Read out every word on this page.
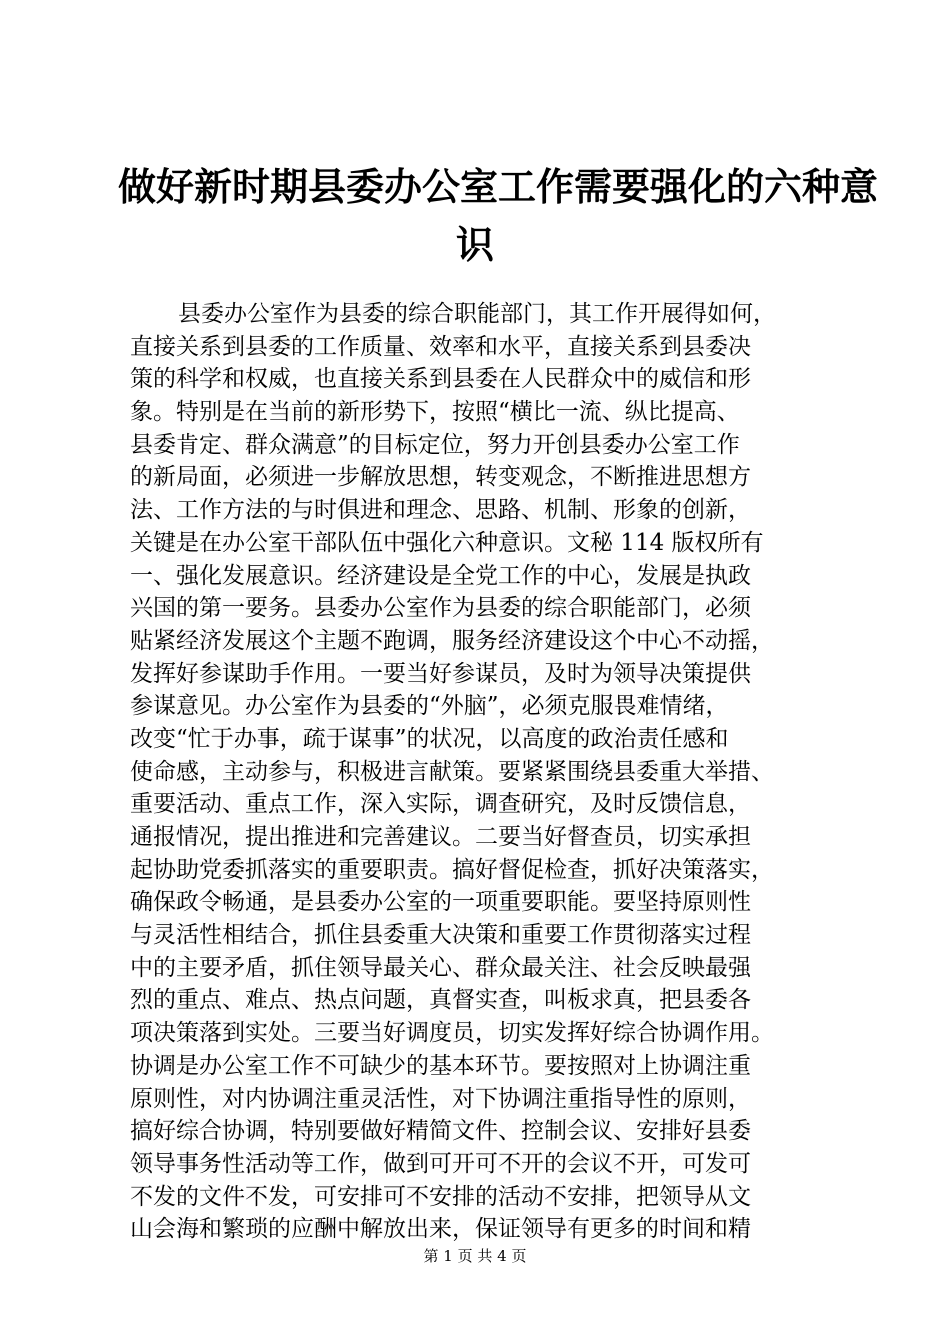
做好新时期县委办公室工作需要强化的六种意
识
县委办公室作为县委的综合职能部门，其工作开展得如何，
直接关系到县委的工作质量、效率和水平，直接关系到县委决
策的科学和权威，也直接关系到县委在人民群众中的威信和形
象。特别是在当前的新形势下，按照“横比一流、纵比提高、
县委肯定、群众满意”的目标定位，努力开创县委办公室工作
的新局面，必须进一步解放思想，转变观念，不断推进思想方
法、工作方法的与时俱进和理念、思路、机制、形象的创新，
关键是在办公室干部队伍中强化六种意识。文秘 114 版权所有
一、强化发展意识。经济建设是全党工作的中心，发展是执政
兴国的第一要务。县委办公室作为县委的综合职能部门，必须
贴紧经济发展这个主题不跑调，服务经济建设这个中心不动摇，
发挥好参谋助手作用。一要当好参谋员，及时为领导决策提供
参谋意见。办公室作为县委的“外脑”，必须克服畏难情绪，
改变“忙于办事，疏于谋事”的状况，以高度的政治责任感和
使命感，主动参与，积极进言献策。要紧紧围绕县委重大举措、
重要活动、重点工作，深入实际，调查研究，及时反馈信息，
通报情况，提出推进和完善建议。二要当好督查员，切实承担
起协助党委抓落实的重要职责。搞好督促检查，抓好决策落实，
确保政令畅通，是县委办公室的一项重要职能。要坚持原则性
与灵活性相结合，抓住县委重大决策和重要工作贯彻落实过程
中的主要矛盾，抓住领导最关心、群众最关注、社会反映最强
烈的重点、难点、热点问题，真督实查，叫板求真，把县委各
项决策落到实处。三要当好调度员，切实发挥好综合协调作用。
协调是办公室工作不可缺少的基本环节。要按照对上协调注重
原则性，对内协调注重灵活性，对下协调注重指导性的原则，
搞好综合协调，特别要做好精简文件、控制会议、安排好县委
领导事务性活动等工作，做到可开可不开的会议不开，可发可
不发的文件不发，可安排可不安排的活动不安排，把领导从文
山会海和繁琐的应酬中解放出来，保证领导有更多的时间和精
第 1 页 共 4 页
